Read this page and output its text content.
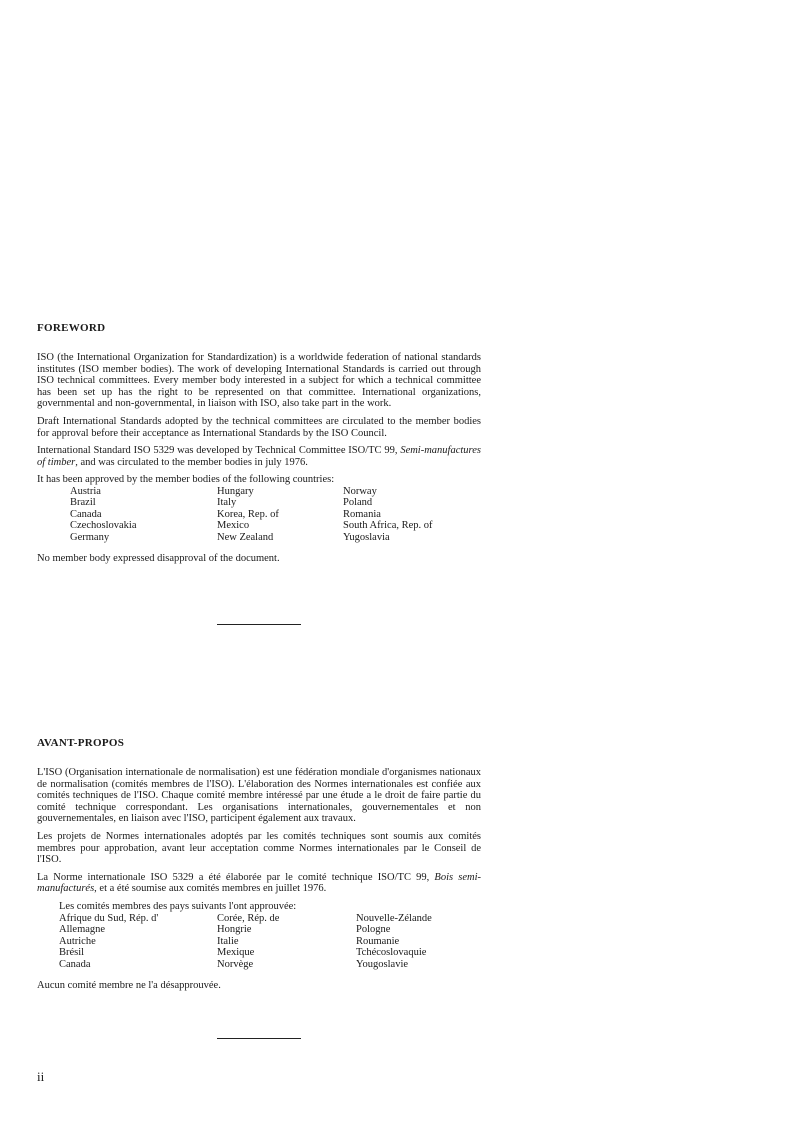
FOREWORD

ISO (the International Organization for Standardization) is a worldwide federation of national standards institutes (ISO member bodies). The work of developing International Standards is carried out through ISO technical committees. Every member body interested in a subject for which a technical committee has been set up has the right to be represented on that committee. International organizations, governmental and non-governmental, in liaison with ISO, also take part in the work.

Draft International Standards adopted by the technical committees are circulated to the member bodies for approval before their acceptance as International Standards by the ISO Council.

International Standard ISO 5329 was developed by Technical Committee ISO/TC 99, Semi-manufactures of timber, and was circulated to the member bodies in july 1976.

It has been approved by the member bodies of the following countries:

Austria	Hungary	Norway
Brazil	Italy	Poland
Canada	Korea, Rep. of	Romania
Czechoslovakia	Mexico	South Africa, Rep. of
Germany	New Zealand	Yugoslavia

No member body expressed disapproval of the document.

AVANT-PROPOS

L'ISO (Organisation internationale de normalisation) est une fédération mondiale d'organismes nationaux de normalisation (comités membres de l'ISO). L'élaboration des Normes internationales est confiée aux comités techniques de l'ISO. Chaque comité membre intéressé par une étude a le droit de faire partie du comité technique correspondant. Les organisations internationales, gouvernementales et non gouvernementales, en liaison avec l'ISO, participent également aux travaux.

Les projets de Normes internationales adoptés par les comités techniques sont soumis aux comités membres pour approbation, avant leur acceptation comme Normes internationales par le Conseil de l'ISO.

La Norme internationale ISO 5329 a été élaborée par le comité technique ISO/TC 99, Bois semi-manufacturés, et a été soumise aux comités membres en juillet 1976.

Les comités membres des pays suivants l'ont approuvée:

Afrique du Sud, Rép. d'	Corée, Rép. de	Nouvelle-Zélande
Allemagne	Hongrie	Pologne
Autriche	Italie	Roumanie
Brésil	Mexique	Tchécoslovaquie
Canada	Norvège	Yougoslavie

Aucun comité membre ne l'a désapprouvée.

ii
